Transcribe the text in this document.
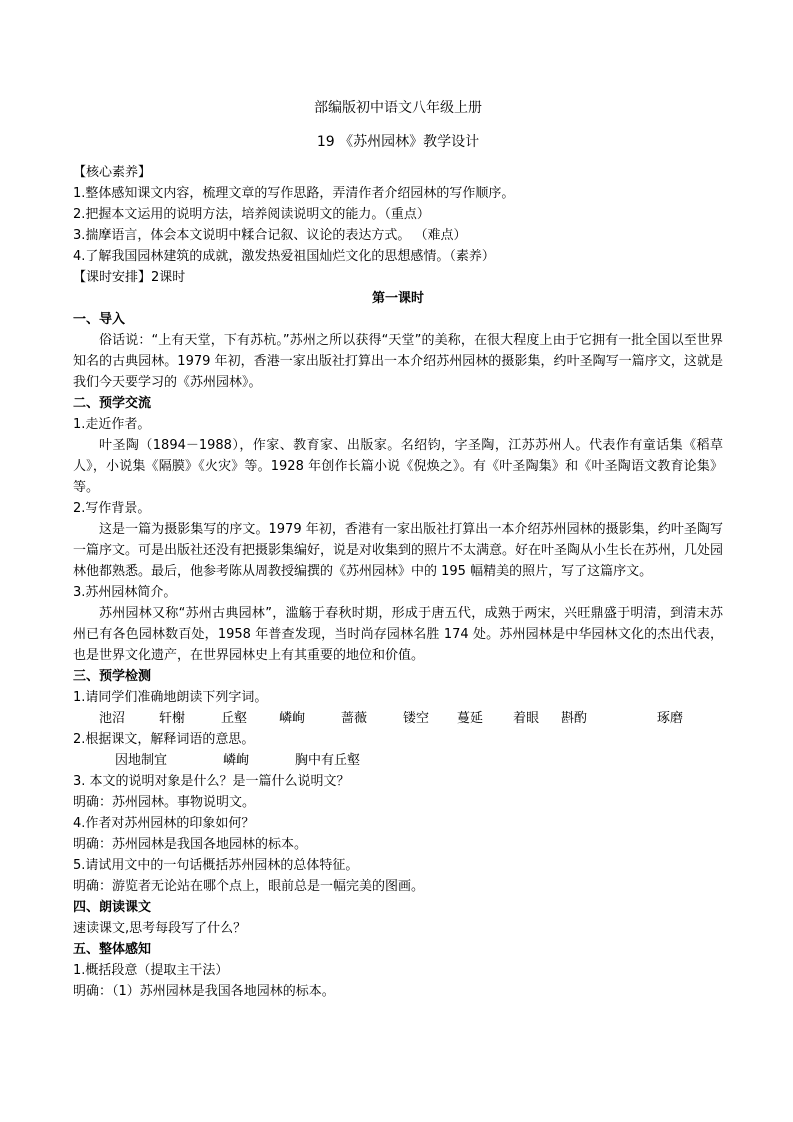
部编版初中语文八年级上册
19 《苏州园林》教学设计
【核心素养】
1.整体感知课文内容，梳理文章的写作思路，弄清作者介绍园林的写作顺序。
2.把握本文运用的说明方法，培养阅读说明文的能力。（重点）
3.揣摩语言，体会本文说明中糅合记叙、议论的表达方式。 （难点）
4.了解我国园林建筑的成就，激发热爱祖国灿烂文化的思想感情。（素养）
【课时安排】2课时
第一课时
一、导入
俗话说：“上有天堂，下有苏杭。”苏州之所以获得“天堂”的美称，在很大程度上由于它拥有一批全国以至世界知名的古典园林。1979 年初，香港一家出版社打算出一本介绍苏州园林的摄影集，约叶圣陶写一篇序文，这就是我们今天要学习的《苏州园林》。
二、预学交流
1.走近作者。
叶圣陶（1894－1988），作家、教育家、出版家。名绍钧，字圣陶，江苏苏州人。代表作有童话集《稻草人》，小说集《隔膜》《火灾》等。1928 年创作长篇小说《倪焕之》。有《叶圣陶集》和《叶圣陶语文教育论集》等。
2.写作背景。
这是一篇为摄影集写的序文。1979 年初，香港有一家出版社打算出一本介绍苏州园林的摄影集，约叶圣陶写一篇序文。可是出版社还没有把摄影集编好，说是对收集到的照片不太满意。好在叶圣陶从小生长在苏州，几处园林他都熟悉。最后，他参考陈从周教授编撰的《苏州园林》中的 195 幅精美的照片，写了这篇序文。
3.苏州园林简介。
苏州园林又称“苏州古典园林”，滥觞于春秋时期，形成于唐五代，成熟于两宋，兴旺鼎盛于明清，到清末苏州已有各色园林数百处，1958 年普查发现，当时尚存园林名胜 174 处。苏州园林是中华园林文化的杰出代表，也是世界文化遗产，在世界园林史上有其重要的地位和价值。
三、预学检测
1.请同学们准确地朗读下列字词。
池沼	轩榭	丘壑	嶙峋	蔷薇	镂空	蔓延	着眼	斟酌	琢磨
2.根据课文，解释词语的意思。
因地制宜	嶙峋	胸中有丘壑
3. 本文的说明对象是什么？是一篇什么说明文？
明确：苏州园林。事物说明文。
4.作者对苏州园林的印象如何？
明确：苏州园林是我国各地园林的标本。
5.请试用文中的一句话概括苏州园林的总体特征。
明确：游览者无论站在哪个点上，眼前总是一幅完美的图画。
四、朗读课文
速读课文,思考每段写了什么？
五、整体感知
1.概括段意（提取主干法）
明确：（1）苏州园林是我国各地园林的标本。
